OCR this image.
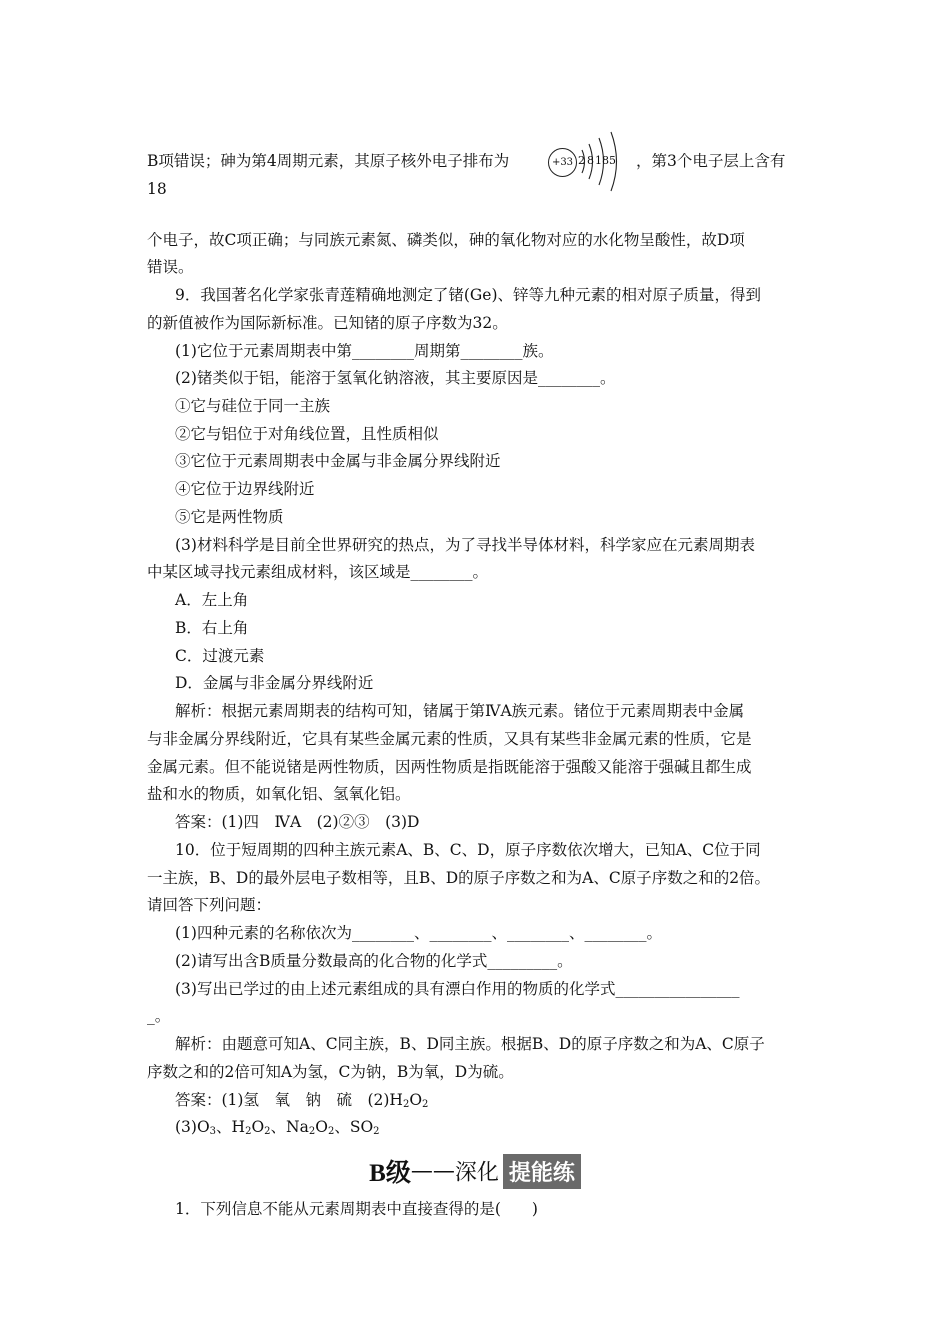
B项错误；砷为第4周期元素，其原子核外电子排布为	+33 2 8 18 5 ，第3个电子层上含有
18
个电子，故C项正确；与同族元素氮、磷类似，砷的氧化物对应的水化物呈酸性，故D项
错误。
9．我国著名化学家张青莲精确地测定了锗(Ge)、锌等九种元素的相对原子质量，得到
的新值被作为国际新标准。已知锗的原子序数为32。
(1)它位于元素周期表中第________周期第________族。
(2)锗类似于铝，能溶于氢氧化钠溶液，其主要原因是________。
①它与硅位于同一主族
②它与铝位于对角线位置，且性质相似
③它位于元素周期表中金属与非金属分界线附近
④它位于边界线附近
⑤它是两性物质
(3)材料科学是目前全世界研究的热点，为了寻找半导体材料，科学家应在元素周期表
中某区域寻找元素组成材料，该区域是________。
A．左上角
B．右上角
C．过渡元素
D．金属与非金属分界线附近
解析：根据元素周期表的结构可知，锗属于第ⅣA族元素。锗位于元素周期表中金属
与非金属分界线附近，它具有某些金属元素的性质，又具有某些非金属元素的性质，它是
金属元素。但不能说锗是两性物质，因两性物质是指既能溶于强酸又能溶于强碱且都生成
盐和水的物质，如氧化铝、氢氧化铝。
答案：(1)四　ⅣA　(2)②③　(3)D
10．位于短周期的四种主族元素A、B、C、D，原子序数依次增大，已知A、C位于同
一主族，B、D的最外层电子数相等，且B、D的原子序数之和为A、C原子序数之和的2倍。
请回答下列问题：
(1)四种元素的名称依次为________、________、________、________。
(2)请写出含B质量分数最高的化合物的化学式_________。
(3)写出已学过的由上述元素组成的具有漂白作用的物质的化学式________________
_。
解析：由题意可知A、C同主族，B、D同主族。根据B、D的原子序数之和为A、C原子
序数之和的2倍可知A为氢，C为钠，B为氧，D为硫。
答案：(1)氢　氧　钠　硫　$(2)H_2O_2$
$(3)O_3$、$H_2O_2$、$Na_2O_2$、$SO_2$
B级——深化 提能练
1．下列信息不能从元素周期表中直接查得的是(　　)
